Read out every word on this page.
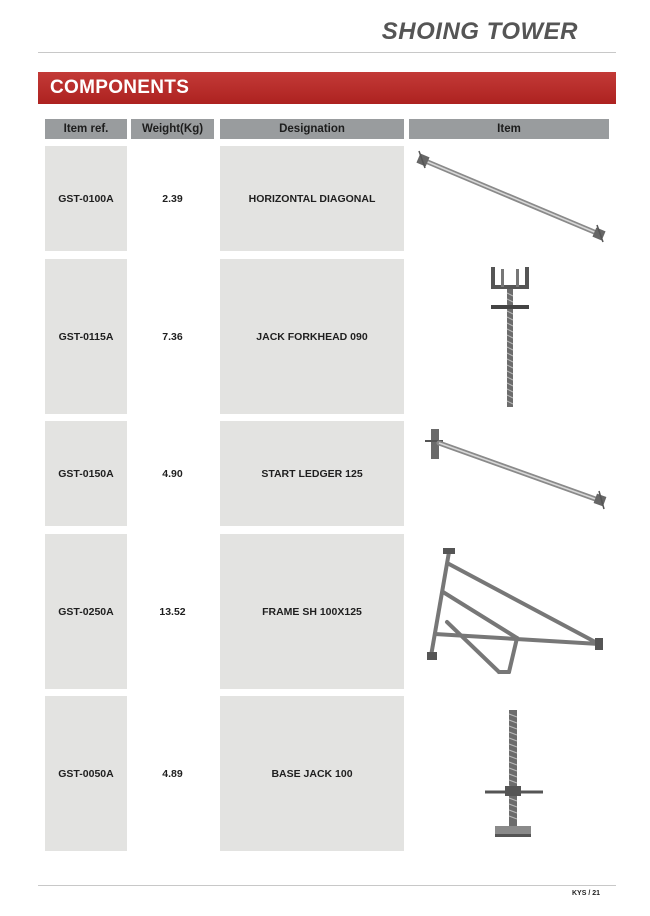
SHOING TOWER
COMPONENTS
Item ref.	Weight(Kg)	Designation	Item
GST-0100A	2.39	HORIZONTAL DIAGONAL
GST-0115A	7.36	JACK FORKHEAD 090
GST-0150A	4.90	START LEDGER 125
GST-0250A	13.52	FRAME SH 100X125
GST-0050A	4.89	BASE JACK 100
KYS / 21
